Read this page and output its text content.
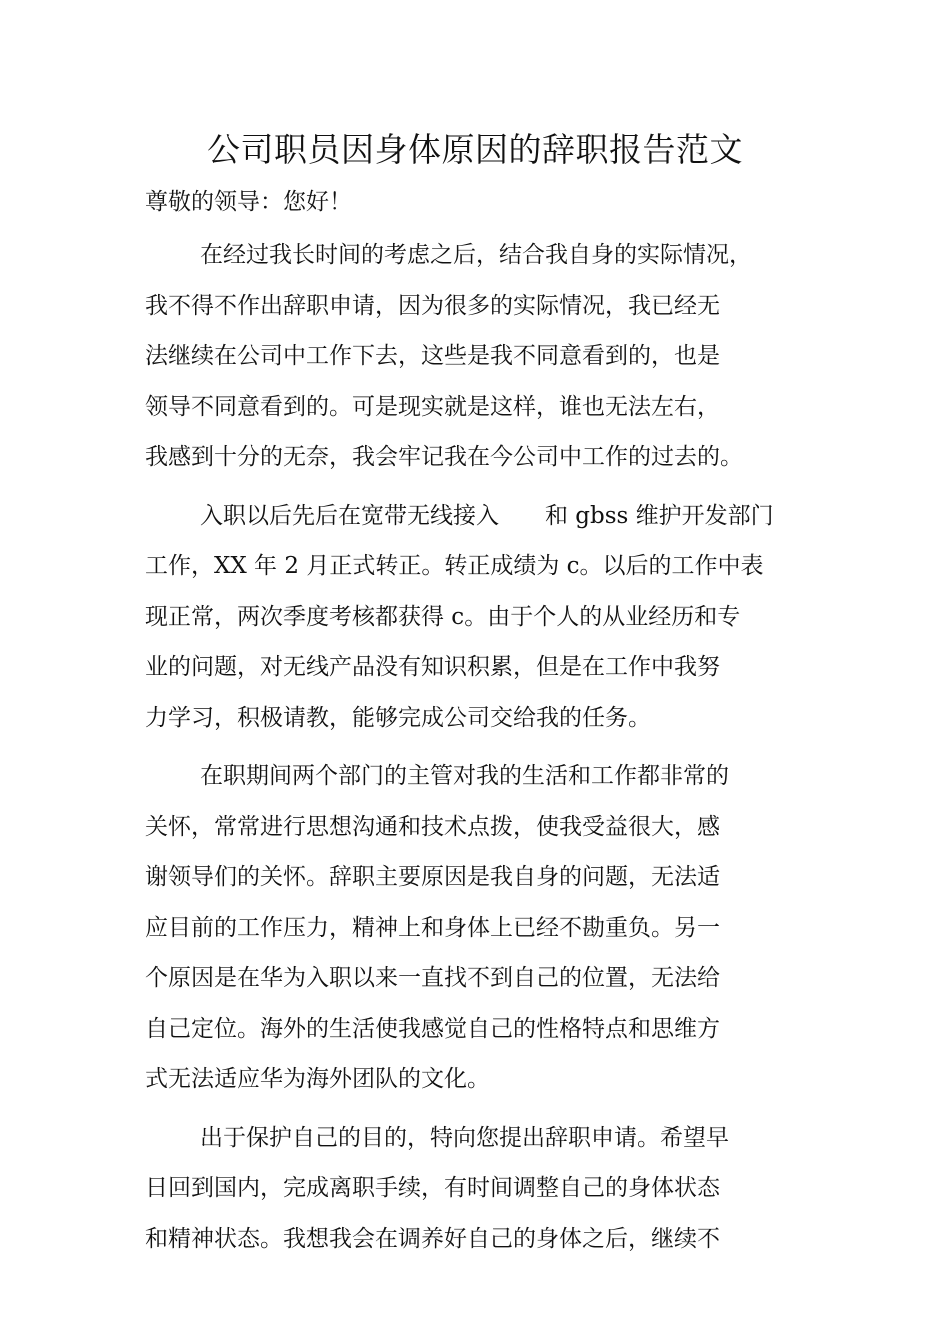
公司职员因身体原因的辞职报告范文

尊敬的领导：您好！

在经过我长时间的考虑之后，结合我自身的实际情况，
我不得不作出辞职申请，因为很多的实际情况，我已经无
法继续在公司中工作下去，这些是我不同意看到的，也是
领导不同意看到的。可是现实就是这样，谁也无法左右，
我感到十分的无奈，我会牢记我在今公司中工作的过去的。

入职以后先后在宽带无线接入　　和 gbss 维护开发部门
工作，XX 年 2 月正式转正。转正成绩为 c。以后的工作中表
现正常，两次季度考核都获得 c。由于个人的从业经历和专
业的问题，对无线产品没有知识积累，但是在工作中我努
力学习，积极请教，能够完成公司交给我的任务。

在职期间两个部门的主管对我的生活和工作都非常的
关怀，常常进行思想沟通和技术点拨，使我受益很大，感
谢领导们的关怀。辞职主要原因是我自身的问题，无法适
应目前的工作压力，精神上和身体上已经不勘重负。另一
个原因是在华为入职以来一直找不到自己的位置，无法给
自己定位。海外的生活使我感觉自己的性格特点和思维方
式无法适应华为海外团队的文化。

出于保护自己的目的，特向您提出辞职申请。希望早
日回到国内，完成离职手续，有时间调整自己的身体状态
和精神状态。我想我会在调养好自己的身体之后，继续不
